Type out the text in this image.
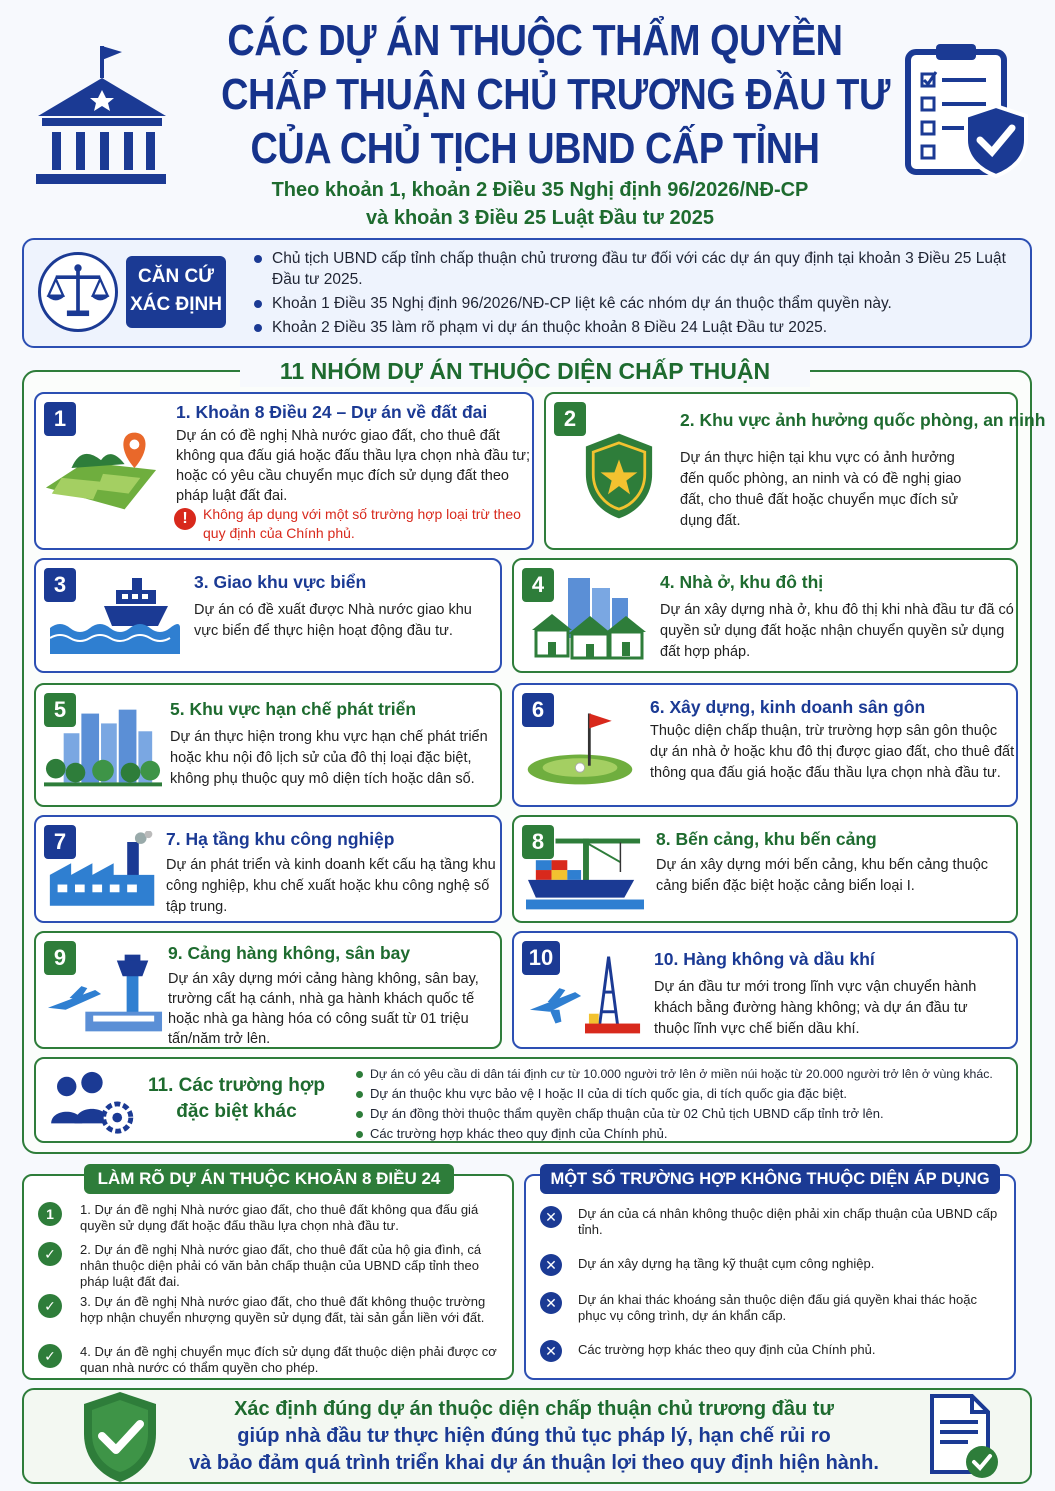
CÁC DỰ ÁN THUỘC THẨM QUYỀN
CHẤP THUẬN CHỦ TRƯƠNG ĐẦU TƯ
CỦA CHỦ TỊCH UBND CẤP TỈNH
Theo khoản 1, khoản 2 Điều 35 Nghị định 96/2026/NĐ-CP
và khoản 3 Điều 25 Luật Đầu tư 2025
CĂN CỨ
XÁC ĐỊNH
Chủ tịch UBND cấp tỉnh chấp thuận chủ trương đầu tư đối với các dự án quy định tại khoản 3 Điều 25 Luật Đầu tư 2025.
Khoản 1 Điều 35 Nghị định 96/2026/NĐ-CP liệt kê các nhóm dự án thuộc thẩm quyền này.
Khoản 2 Điều 35 làm rõ phạm vi dự án thuộc khoản 8 Điều 24 Luật Đầu tư 2025.
11 NHÓM DỰ ÁN THUỘC DIỆN CHẤP THUẬN
1	1. Khoản 8 Điều 24 – Dự án về đất đai
Dự án có đề nghị Nhà nước giao đất, cho thuê đất không qua đấu giá hoặc đấu thầu lựa chọn nhà đầu tư; hoặc có yêu cầu chuyển mục đích sử dụng đất theo pháp luật đất đai.
!	Không áp dụng với một số trường hợp loại trừ theo quy định của Chính phủ.
2	2. Khu vực ảnh hưởng quốc phòng, an ninh
Dự án thực hiện tại khu vực có ảnh hưởng đến quốc phòng, an ninh và có đề nghị giao đất, cho thuê đất hoặc chuyển mục đích sử dụng đất.
3	3. Giao khu vực biển
Dự án có đề xuất được Nhà nước giao khu vực biển để thực hiện hoạt động đầu tư.
4	4. Nhà ở, khu đô thị
Dự án xây dựng nhà ở, khu đô thị khi nhà đầu tư đã có quyền sử dụng đất hoặc nhận chuyển quyền sử dụng đất hợp pháp.
5	5. Khu vực hạn chế phát triển
Dự án thực hiện trong khu vực hạn chế phát triển hoặc khu nội đô lịch sử của đô thị loại đặc biệt, không phụ thuộc quy mô diện tích hoặc dân số.
6	6. Xây dựng, kinh doanh sân gôn
Thuộc diện chấp thuận, trừ trường hợp sân gôn thuộc dự án nhà ở hoặc khu đô thị được giao đất, cho thuê đất thông qua đấu giá hoặc đấu thầu lựa chọn nhà đầu tư.
7	7. Hạ tầng khu công nghiệp
Dự án phát triển và kinh doanh kết cấu hạ tầng khu công nghiệp, khu chế xuất hoặc khu công nghệ số tập trung.
8	8. Bến cảng, khu bến cảng
Dự án xây dựng mới bến cảng, khu bến cảng thuộc cảng biển đặc biệt hoặc cảng biển loại I.
9	9. Cảng hàng không, sân bay
Dự án xây dựng mới cảng hàng không, sân bay, trường cất hạ cánh, nhà ga hành khách quốc tế hoặc nhà ga hàng hóa có công suất từ 01 triệu tấn/năm trở lên.
10	10. Hàng không và dầu khí
Dự án đầu tư mới trong lĩnh vực vận chuyển hành khách bằng đường hàng không; và dự án đầu tư thuộc lĩnh vực chế biến dầu khí.
11. Các trường hợp
đặc biệt khác
Dự án có yêu cầu di dân tái định cư từ 10.000 người trở lên ở miền núi hoặc từ 20.000 người trở lên ở vùng khác.
Dự án thuộc khu vực bảo vệ I hoặc II của di tích quốc gia, di tích quốc gia đặc biệt.
Dự án đồng thời thuộc thẩm quyền chấp thuận của từ 02 Chủ tịch UBND cấp tỉnh trở lên.
Các trường hợp khác theo quy định của Chính phủ.
LÀM RÕ DỰ ÁN THUỘC KHOẢN 8 ĐIỀU 24
1	1. Dự án đề nghị Nhà nước giao đất, cho thuê đất không qua đấu giá quyền sử dụng đất hoặc đấu thầu lựa chọn nhà đầu tư.
✓	2. Dự án đề nghị Nhà nước giao đất, cho thuê đất của hộ gia đình, cá nhân thuộc diện phải có văn bản chấp thuận của UBND cấp tỉnh theo pháp luật đất đai.
✓	3. Dự án đề nghị Nhà nước giao đất, cho thuê đất không thuộc trường hợp nhận chuyển nhượng quyền sử dụng đất, tài sản gắn liền với đất.
✓	4. Dự án đề nghị chuyển mục đích sử dụng đất thuộc diện phải được cơ quan nhà nước có thẩm quyền cho phép.
MỘT SỐ TRƯỜNG HỢP KHÔNG THUỘC DIỆN ÁP DỤNG
✕	Dự án của cá nhân không thuộc diện phải xin chấp thuận của UBND cấp tỉnh.
✕	Dự án xây dựng hạ tầng kỹ thuật cụm công nghiệp.
✕	Dự án khai thác khoáng sản thuộc diện đấu giá quyền khai thác hoặc phục vụ công trình, dự án khẩn cấp.
✕	Các trường hợp khác theo quy định của Chính phủ.
Xác định đúng dự án thuộc diện chấp thuận chủ trương đầu tư
giúp nhà đầu tư thực hiện đúng thủ tục pháp lý, hạn chế rủi ro
và bảo đảm quá trình triển khai dự án thuận lợi theo quy định hiện hành.
